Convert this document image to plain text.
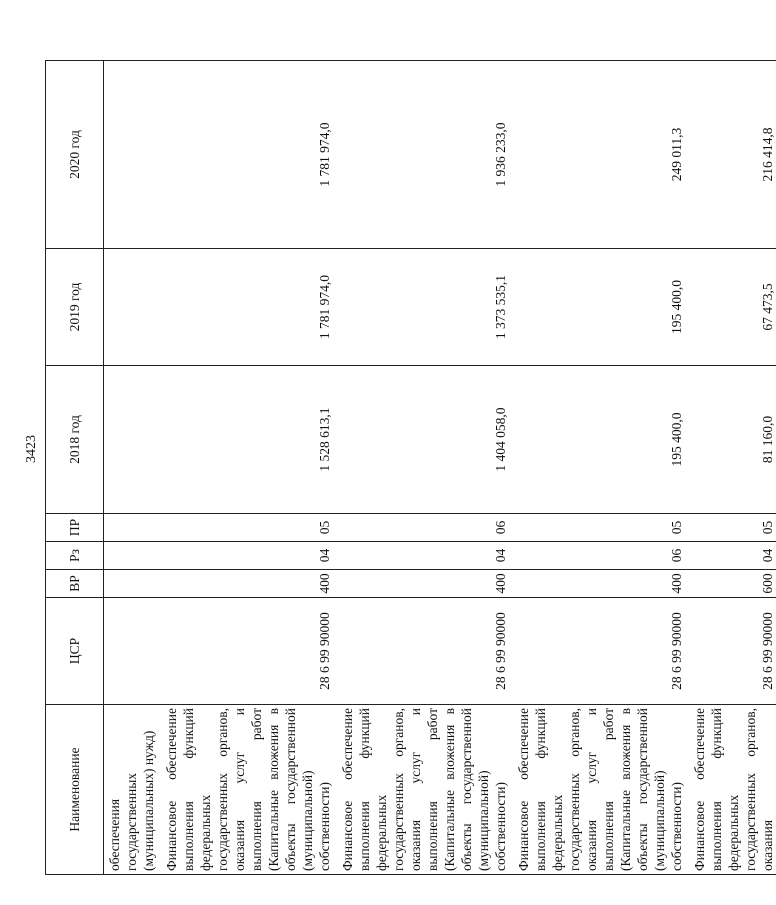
3423
Наименование	ЦСР	ВР	Рз	ПР	2018 год	2019 год	2020 год
обеспечения государственных (муниципальных) нужд)							

Финансовое обеспечение выполнения функций федеральных государственных органов, оказания услуг и выполнения работ (Капитальные вложения в объекты государственной (муниципальной) собственности)	28 6 99 90000	400	04	05	1 528 613,1	1 781 974,0	1 781 974,0

Финансовое обеспечение выполнения функций федеральных государственных органов, оказания услуг и выполнения работ (Капитальные вложения в объекты государственной (муниципальной) собственности)	28 6 99 90000	400	04	06	1 404 058,0	1 373 535,1	1 936 233,0

Финансовое обеспечение выполнения функций федеральных государственных органов, оказания услуг и выполнения работ (Капитальные вложения в объекты государственной (муниципальной) собственности)	28 6 99 90000	400	06	05	195 400,0	195 400,0	249 011,3

Финансовое обеспечение выполнения функций федеральных государственных органов, оказания	28 6 99 90000	600	04	05	81 160,0	67 473,5	216 414,8
